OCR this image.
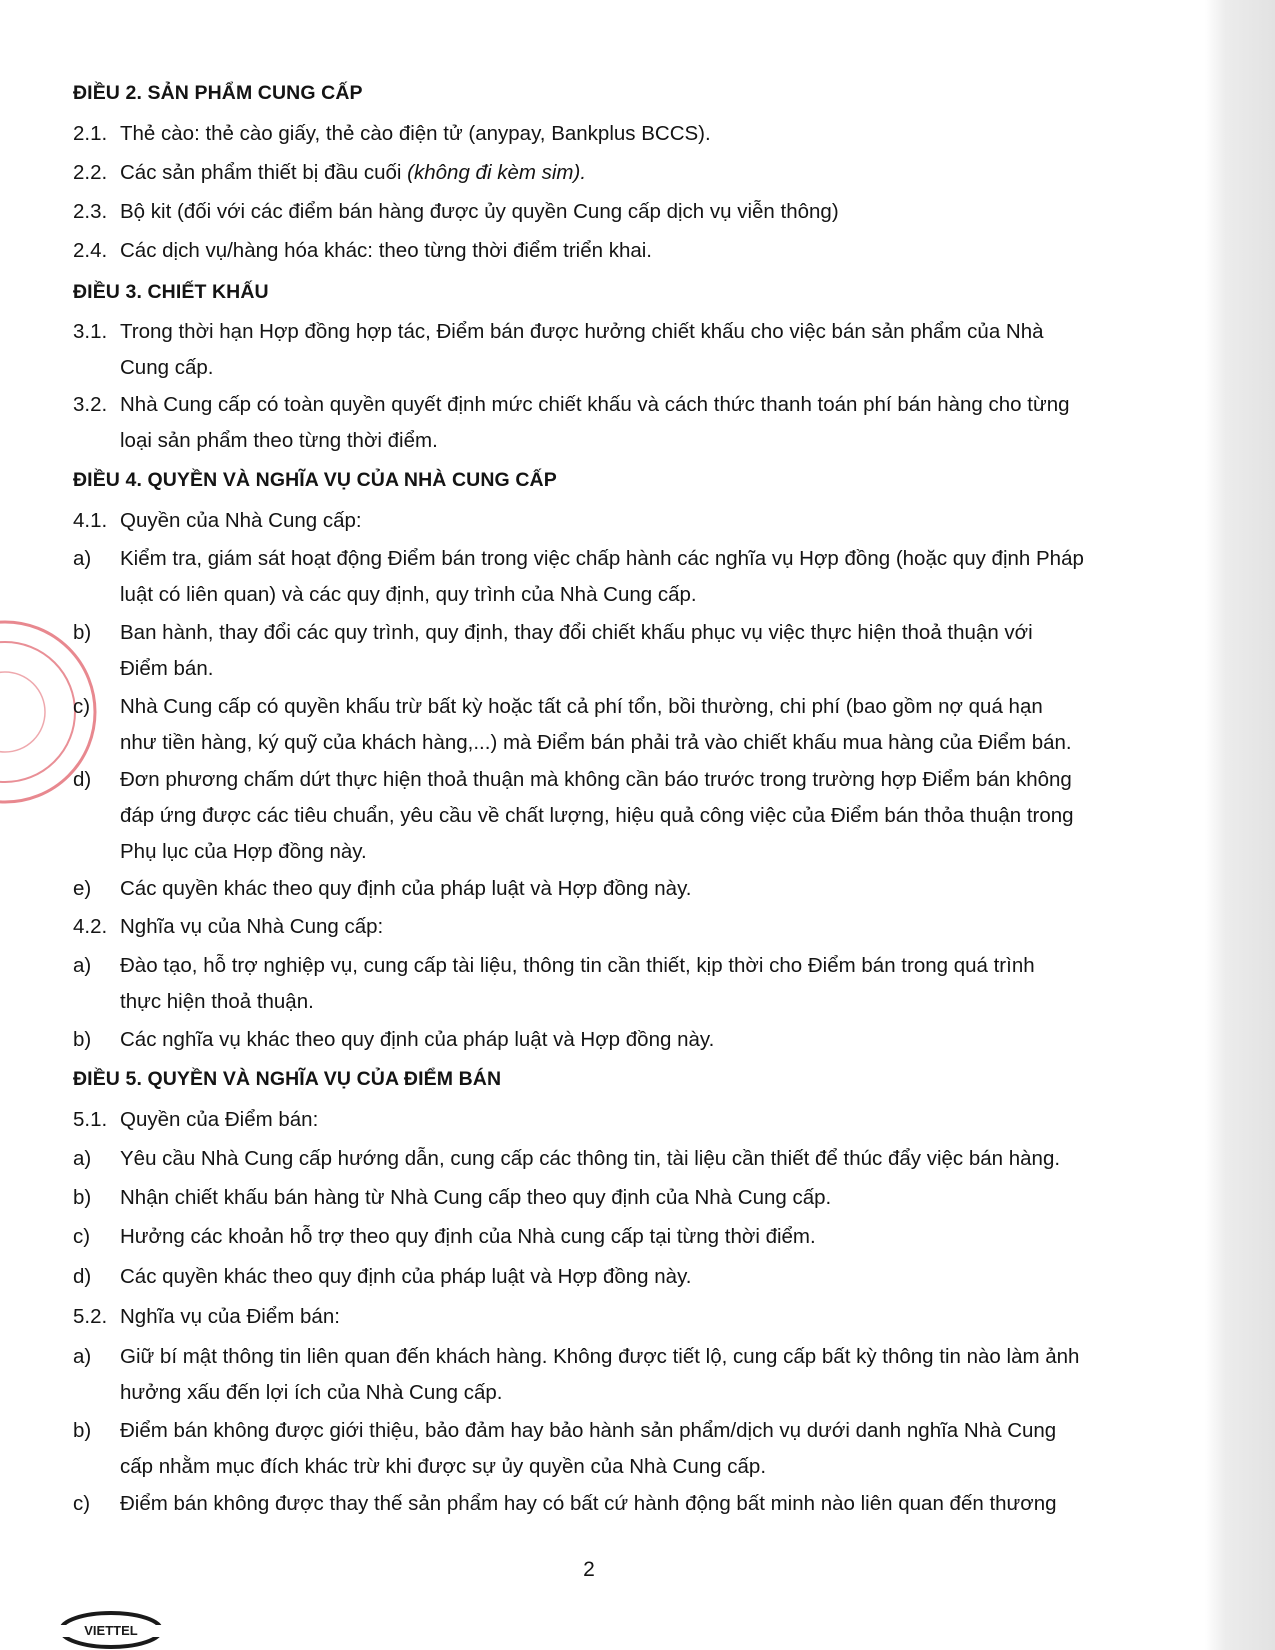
ĐIỀU 2. SẢN PHẨM CUNG CẤP
2.1. Thẻ cào: thẻ cào giấy, thẻ cào điện tử (anypay, Bankplus BCCS).
2.2. Các sản phẩm thiết bị đầu cuối (không đi kèm sim).
2.3. Bộ kit (đối với các điểm bán hàng được ủy quyền Cung cấp dịch vụ viễn thông)
2.4. Các dịch vụ/hàng hóa khác: theo từng thời điểm triển khai.
ĐIỀU 3. CHIẾT KHẤU
3.1. Trong thời hạn Hợp đồng hợp tác, Điểm bán được hưởng chiết khấu cho việc bán sản phẩm của Nhà
Cung cấp.
3.2. Nhà Cung cấp có toàn quyền quyết định mức chiết khấu và cách thức thanh toán phí bán hàng cho từng
loại sản phẩm theo từng thời điểm.
ĐIỀU 4. QUYỀN VÀ NGHĨA VỤ CỦA NHÀ CUNG CẤP
4.1. Quyền của Nhà Cung cấp:
a) Kiểm tra, giám sát hoạt động Điểm bán trong việc chấp hành các nghĩa vụ Hợp đồng (hoặc quy định Pháp
luật có liên quan) và các quy định, quy trình của Nhà Cung cấp.
b) Ban hành, thay đổi các quy trình, quy định, thay đổi chiết khấu phục vụ việc thực hiện thoả thuận với
Điểm bán.
c) Nhà Cung cấp có quyền khấu trừ bất kỳ hoặc tất cả phí tổn, bồi thường, chi phí (bao gồm nợ quá hạn
như tiền hàng, ký quỹ của khách hàng,...) mà Điểm bán phải trả vào chiết khấu mua hàng của Điểm bán.
d) Đơn phương chấm dứt thực hiện thoả thuận mà không cần báo trước trong trường hợp Điểm bán không
đáp ứng được các tiêu chuẩn, yêu cầu về chất lượng, hiệu quả công việc của Điểm bán thỏa thuận trong
Phụ lục của Hợp đồng này.
e) Các quyền khác theo quy định của pháp luật và Hợp đồng này.
4.2. Nghĩa vụ của Nhà Cung cấp:
a) Đào tạo, hỗ trợ nghiệp vụ, cung cấp tài liệu, thông tin cần thiết, kịp thời cho Điểm bán trong quá trình
thực hiện thoả thuận.
b) Các nghĩa vụ khác theo quy định của pháp luật và Hợp đồng này.
ĐIỀU 5. QUYỀN VÀ NGHĨA VỤ CỦA ĐIỂM BÁN
5.1. Quyền của Điểm bán:
a) Yêu cầu Nhà Cung cấp hướng dẫn, cung cấp các thông tin, tài liệu cần thiết để thúc đẩy việc bán hàng.
b) Nhận chiết khấu bán hàng từ Nhà Cung cấp theo quy định của Nhà Cung cấp.
c) Hưởng các khoản hỗ trợ theo quy định của Nhà cung cấp tại từng thời điểm.
d) Các quyền khác theo quy định của pháp luật và Hợp đồng này.
5.2. Nghĩa vụ của Điểm bán:
a) Giữ bí mật thông tin liên quan đến khách hàng. Không được tiết lộ, cung cấp bất kỳ thông tin nào làm ảnh
hưởng xấu đến lợi ích của Nhà Cung cấp.
b) Điểm bán không được giới thiệu, bảo đảm hay bảo hành sản phẩm/dịch vụ dưới danh nghĩa Nhà Cung
cấp nhằm mục đích khác trừ khi được sự ủy quyền của Nhà Cung cấp.
c) Điểm bán không được thay thế sản phẩm hay có bất cứ hành động bất minh nào liên quan đến thương
2
VIETTEL
